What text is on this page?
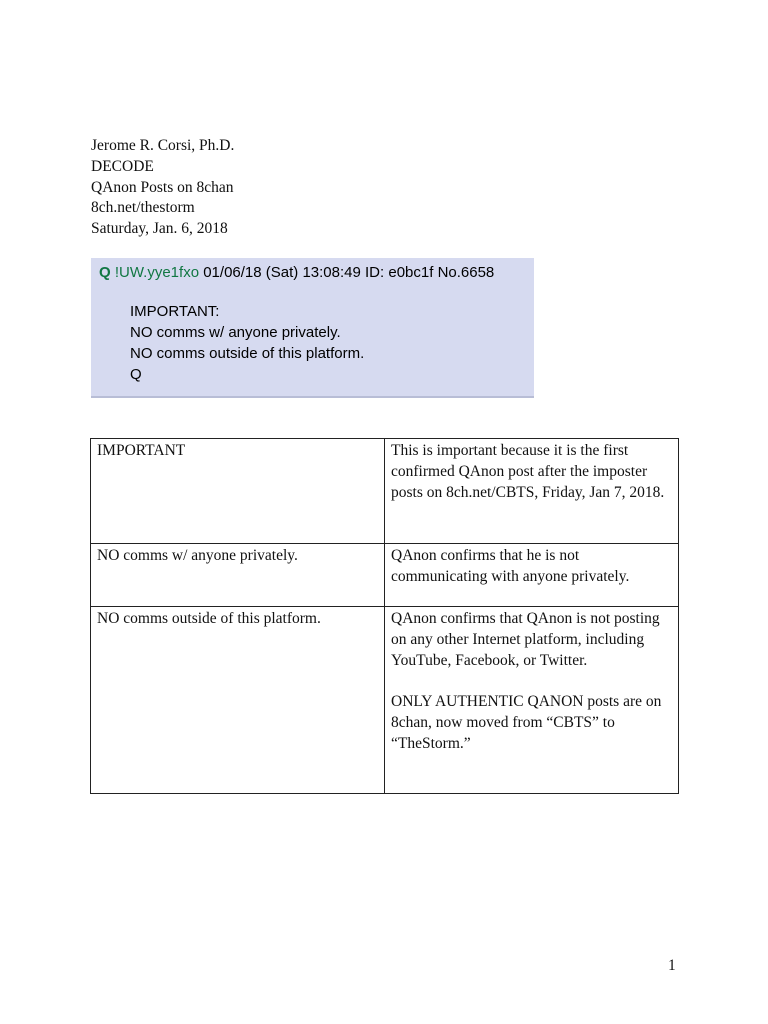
Jerome R. Corsi, Ph.D.
DECODE
QAnon Posts on 8chan
8ch.net/thestorm
Saturday, Jan. 6, 2018
Q !UW.yye1fxo 01/06/18 (Sat) 13:08:49 ID: e0bc1f No.6658
IMPORTANT:
NO comms w/ anyone privately.
NO comms outside of this platform.
Q
IMPORTANT	This is important because it is the first confirmed QAnon post after the imposter posts on 8ch.net/CBTS, Friday, Jan 7, 2018.

NO comms w/ anyone privately.	QAnon confirms that he is not communicating with anyone privately.

NO comms outside of this platform.	QAnon confirms that QAnon is not posting on any other Internet platform, including YouTube, Facebook, or Twitter.
ONLY AUTHENTIC QANON posts are on 8chan, now moved from “CBTS” to “TheStorm.”
1
